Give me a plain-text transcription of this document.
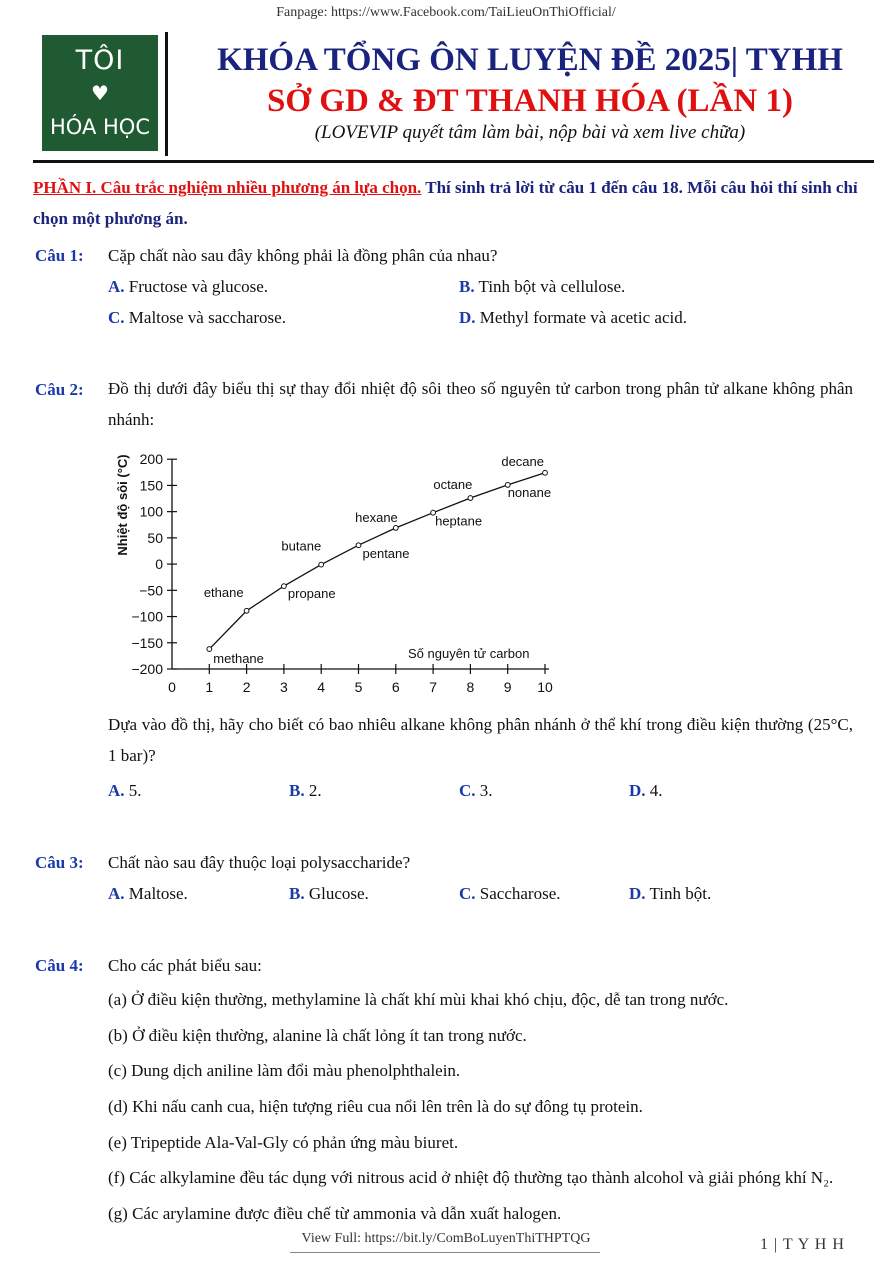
Fanpage: https://www.Facebook.com/TaiLieuOnThiOfficial/
TÔI
♥
HÓA HỌC
KHÓA TỔNG ÔN LUYỆN ĐỀ 2025| TYHH
SỞ GD & ĐT THANH HÓA (LẦN 1)
(LOVEVIP quyết tâm làm bài, nộp bài và xem live chữa)
PHẦN I. Câu trắc nghiệm nhiều phương án lựa chọn. Thí sinh trả lời từ câu 1 đến câu 18. Mỗi câu hỏi thí sinh chỉ chọn một phương án.
Câu 1: Cặp chất nào sau đây không phải là đồng phân của nhau?
A. Fructose và glucose.	B. Tinh bột và cellulose.
C. Maltose và saccharose.	D. Methyl formate và acetic acid.
Câu 2: Đồ thị dưới đây biểu thị sự thay đổi nhiệt độ sôi theo số nguyên tử carbon trong phân tử alkane không phân nhánh:
−200
−150
−100
−50
0
50
100
150
200
0 1 2 3 4 5 6 7 8 9 10
Nhiệt độ sôi (°C)
Số nguyên tử carbon
methane
ethane	propane
butane
pentane
hexane	heptane
octane
nonane
decane
Dựa vào đồ thị, hãy cho biết có bao nhiêu alkane không phân nhánh ở thể khí trong điều kiện thường (25°C, 1 bar)?
A. 5.	B. 2.	C. 3.	D. 4.
Câu 3: Chất nào sau đây thuộc loại polysaccharide?
A. Maltose.	B. Glucose.	C. Saccharose.	D. Tinh bột.
Câu 4: Cho các phát biểu sau:
(a) Ở điều kiện thường, methylamine là chất khí mùi khai khó chịu, độc, dễ tan trong nước.
(b) Ở điều kiện thường, alanine là chất lỏng ít tan trong nước.
(c) Dung dịch aniline làm đổi màu phenolphthalein.
(d) Khi nấu canh cua, hiện tượng riêu cua nổi lên trên là do sự đông tụ protein.
(e) Tripeptide Ala-Val-Gly có phản ứng màu biuret.
(f) Các alkylamine đều tác dụng với nitrous acid ở nhiệt độ thường tạo thành alcohol và giải phóng khí N₂.
(g) Các arylamine được điều chế từ ammonia và dẫn xuất halogen.
View Full: https://bit.ly/ComBoLuyenThiTHPTQG	1 | T Y H H
